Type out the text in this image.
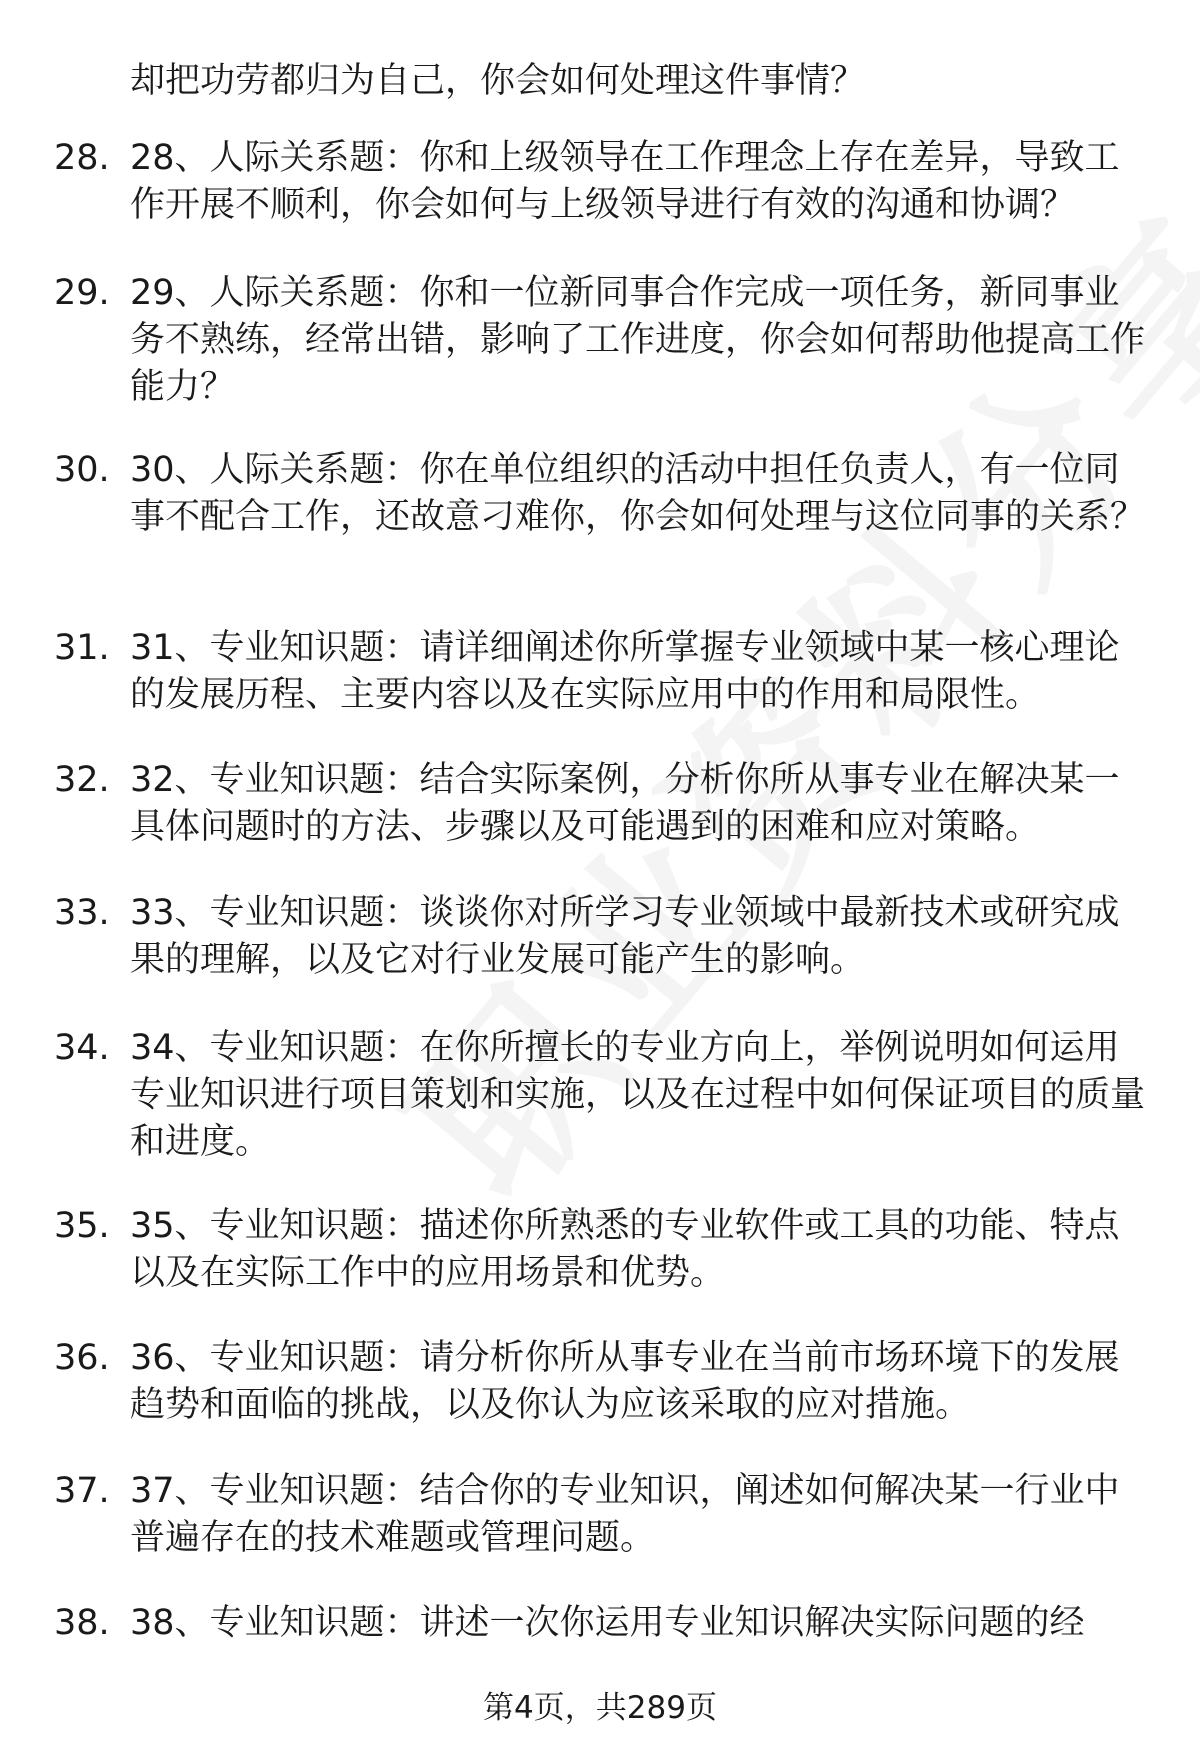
却把功劳都归为自己，你会如何处理这件事情？
28. 28、人际关系题：你和上级领导在工作理念上存在差异，导致工作开展不顺利，你会如何与上级领导进行有效的沟通和协调？
29. 29、人际关系题：你和一位新同事合作完成一项任务，新同事业务不熟练，经常出错，影响了工作进度，你会如何帮助他提高工作能力？
30. 30、人际关系题：你在单位组织的活动中担任负责人，有一位同事不配合工作，还故意刁难你，你会如何处理与这位同事的关系？
31. 31、专业知识题：请详细阐述你所掌握专业领域中某一核心理论的发展历程、主要内容以及在实际应用中的作用和局限性。
32. 32、专业知识题：结合实际案例，分析你所从事专业在解决某一具体问题时的方法、步骤以及可能遇到的困难和应对策略。
33. 33、专业知识题：谈谈你对所学习专业领域中最新技术或研究成果的理解，以及它对行业发展可能产生的影响。
34. 34、专业知识题：在你所擅长的专业方向上，举例说明如何运用专业知识进行项目策划和实施，以及在过程中如何保证项目的质量和进度。
35. 35、专业知识题：描述你所熟悉的专业软件或工具的功能、特点以及在实际工作中的应用场景和优势。
36. 36、专业知识题：请分析你所从事专业在当前市场环境下的发展趋势和面临的挑战，以及你认为应该采取的应对措施。
37. 37、专业知识题：结合你的专业知识，阐述如何解决某一行业中普遍存在的技术难题或管理问题。
38. 38、专业知识题：讲述一次你运用专业知识解决实际问题的经
第4页，共289页
